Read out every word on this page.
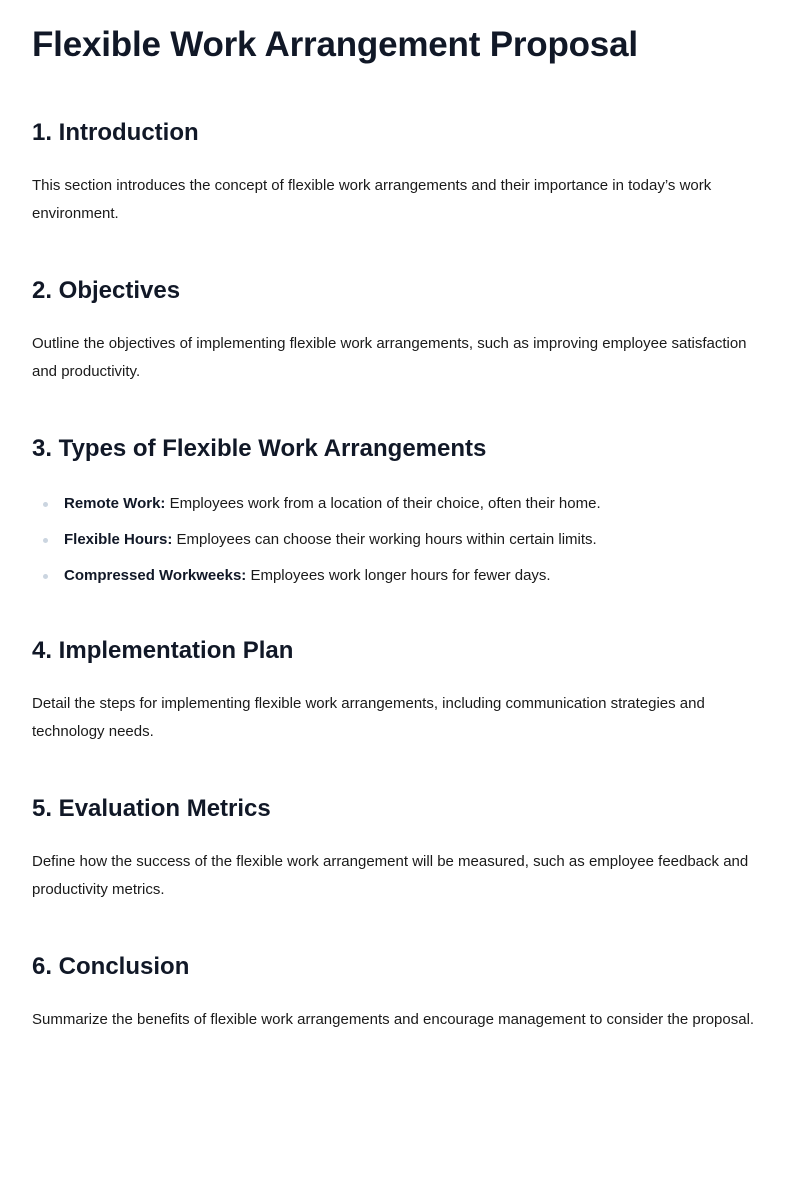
Flexible Work Arrangement Proposal
1. Introduction

This section introduces the concept of flexible work arrangements and their importance in today’s work environment.

2. Objectives

Outline the objectives of implementing flexible work arrangements, such as improving employee satisfaction and productivity.

3. Types of Flexible Work Arrangements
Remote Work: Employees work from a location of their choice, often their home.
Flexible Hours: Employees can choose their working hours within certain limits.
Compressed Workweeks: Employees work longer hours for fewer days.
4. Implementation Plan

Detail the steps for implementing flexible work arrangements, including communication strategies and technology needs.

5. Evaluation Metrics

Define how the success of the flexible work arrangement will be measured, such as employee feedback and productivity metrics.

6. Conclusion

Summarize the benefits of flexible work arrangements and encourage management to consider the proposal.
